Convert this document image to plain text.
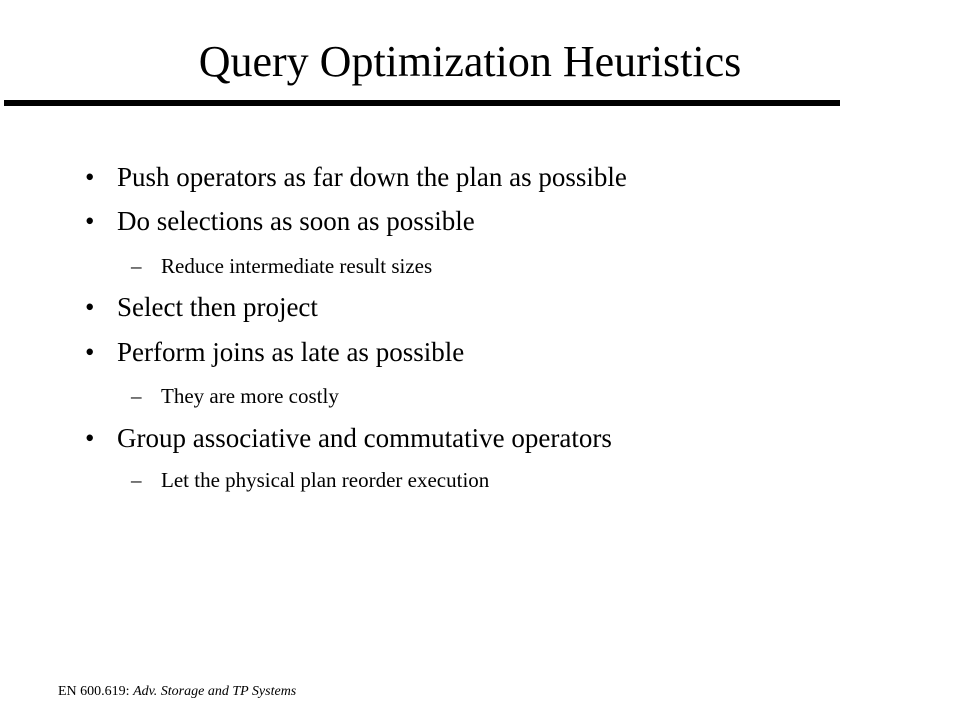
Query Optimization Heuristics
• Push operators as far down the plan as possible
• Do selections as soon as possible
– Reduce intermediate result sizes
• Select then project
• Perform joins as late as possible
– They are more costly
• Group associative and commutative operators
– Let the physical plan reorder execution
EN 600.619: Adv. Storage and TP Systems
